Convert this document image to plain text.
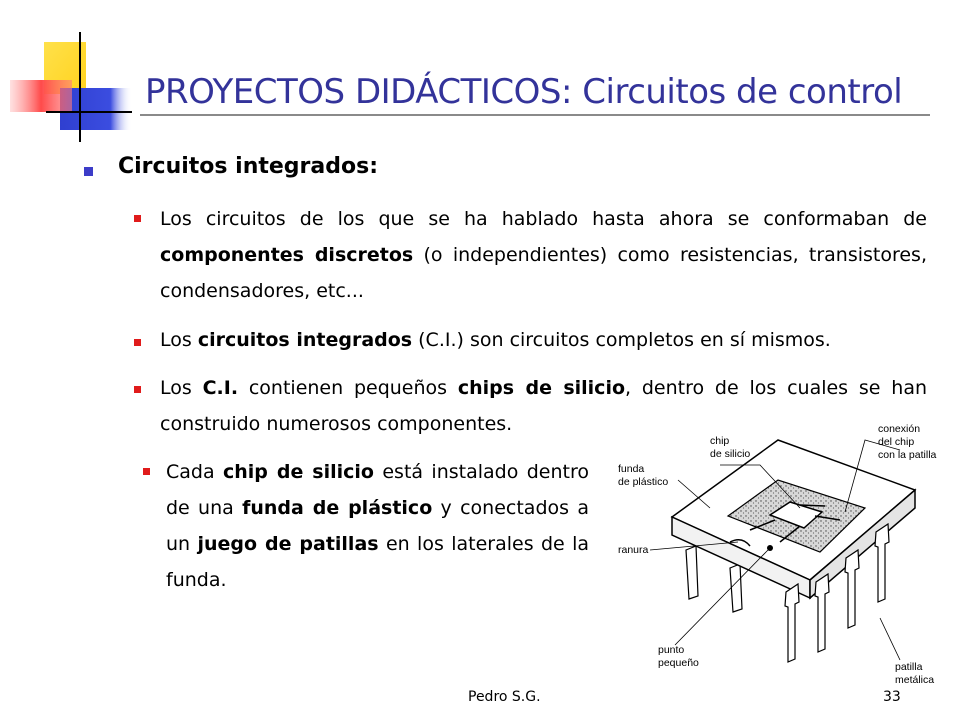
PROYECTOS DIDÁCTICOS: Circuitos de control
Circuitos integrados:

Los circuitos de los que se ha hablado hasta ahora se conformaban de componentes discretos (o independientes) como resistencias, transistores, condensadores, etc...

Los circuitos integrados (C.I.) son circuitos completos en sí mismos.

Los C.I. contienen pequeños chips de silicio, dentro de los cuales se han construido numerosos componentes.

Cada chip de silicio está instalado dentro de una funda de plástico y conectados a un juego de patillas en los laterales de la funda.

chip
de silicio
conexión
del chip
con la patilla
funda
de plástico
ranura
punto
pequeño	patilla
metálica
Pedro S.G.	33
